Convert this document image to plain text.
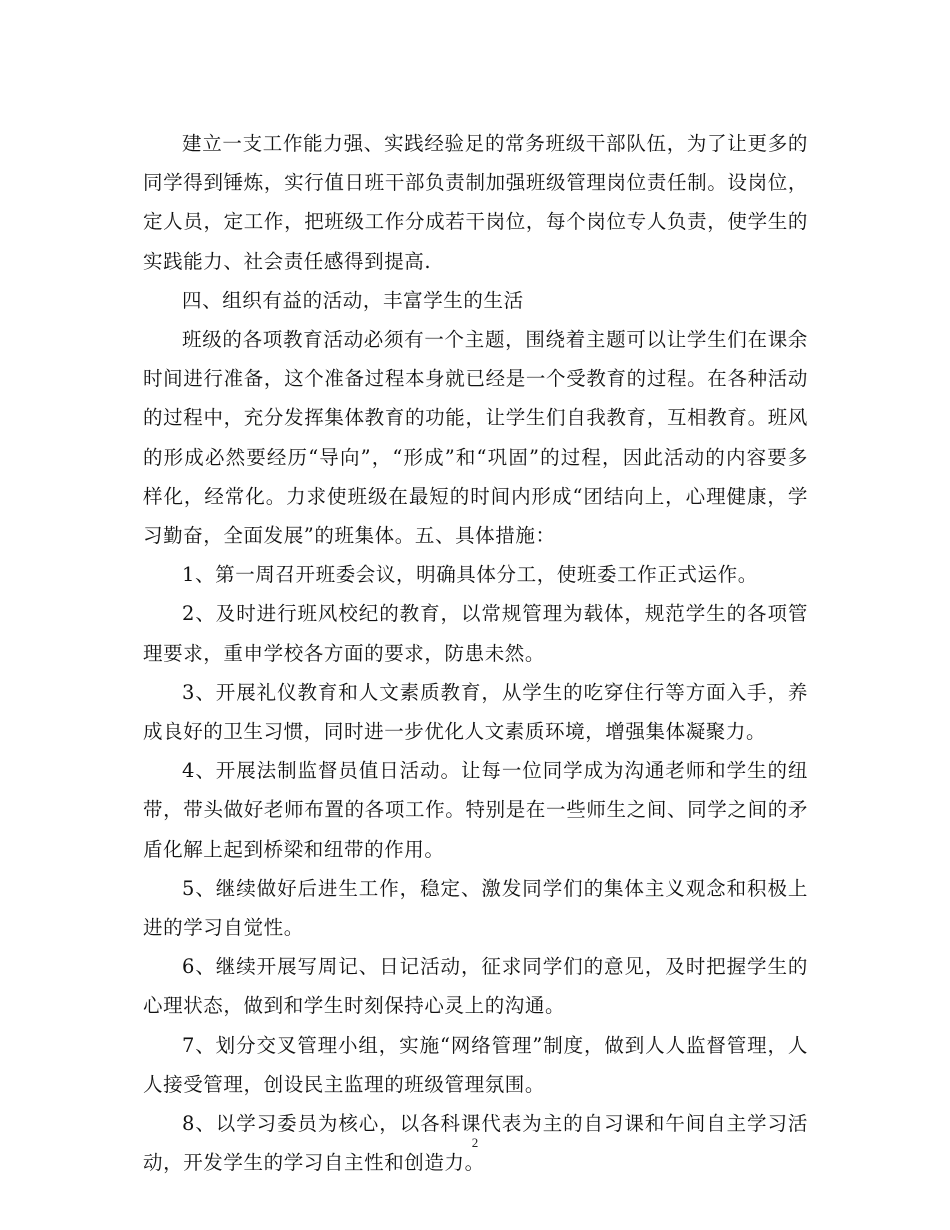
建立一支工作能力强、实践经验足的常务班级干部队伍，为了让更多的同学得到锤炼，实行值日班干部负责制加强班级管理岗位责任制。设岗位，定人员，定工作，把班级工作分成若干岗位，每个岗位专人负责，使学生的实践能力、社会责任感得到提高.

四、组织有益的活动，丰富学生的生活

班级的各项教育活动必须有一个主题，围绕着主题可以让学生们在课余时间进行准备，这个准备过程本身就已经是一个受教育的过程。在各种活动的过程中，充分发挥集体教育的功能，让学生们自我教育，互相教育。班风的形成必然要经历“导向”，“形成”和“巩固”的过程，因此活动的内容要多样化，经常化。力求使班级在最短的时间内形成“团结向上，心理健康，学习勤奋，全面发展”的班集体。五、具体措施：

1、第一周召开班委会议，明确具体分工，使班委工作正式运作。

2、及时进行班风校纪的教育，以常规管理为载体，规范学生的各项管理要求，重申学校各方面的要求，防患未然。

3、开展礼仪教育和人文素质教育，从学生的吃穿住行等方面入手，养成良好的卫生习惯，同时进一步优化人文素质环境，增强集体凝聚力。

4、开展法制监督员值日活动。让每一位同学成为沟通老师和学生的纽带，带头做好老师布置的各项工作。特别是在一些师生之间、同学之间的矛盾化解上起到桥梁和纽带的作用。

5、继续做好后进生工作，稳定、激发同学们的集体主义观念和积极上进的学习自觉性。

6、继续开展写周记、日记活动，征求同学们的意见，及时把握学生的心理状态，做到和学生时刻保持心灵上的沟通。

7、划分交叉管理小组，实施“网络管理”制度，做到人人监督管理，人人接受管理，创设民主监理的班级管理氛围。

8、以学习委员为核心，以各科课代表为主的自习课和午间自主学习活动，开发学生的学习自主性和创造力。

2
